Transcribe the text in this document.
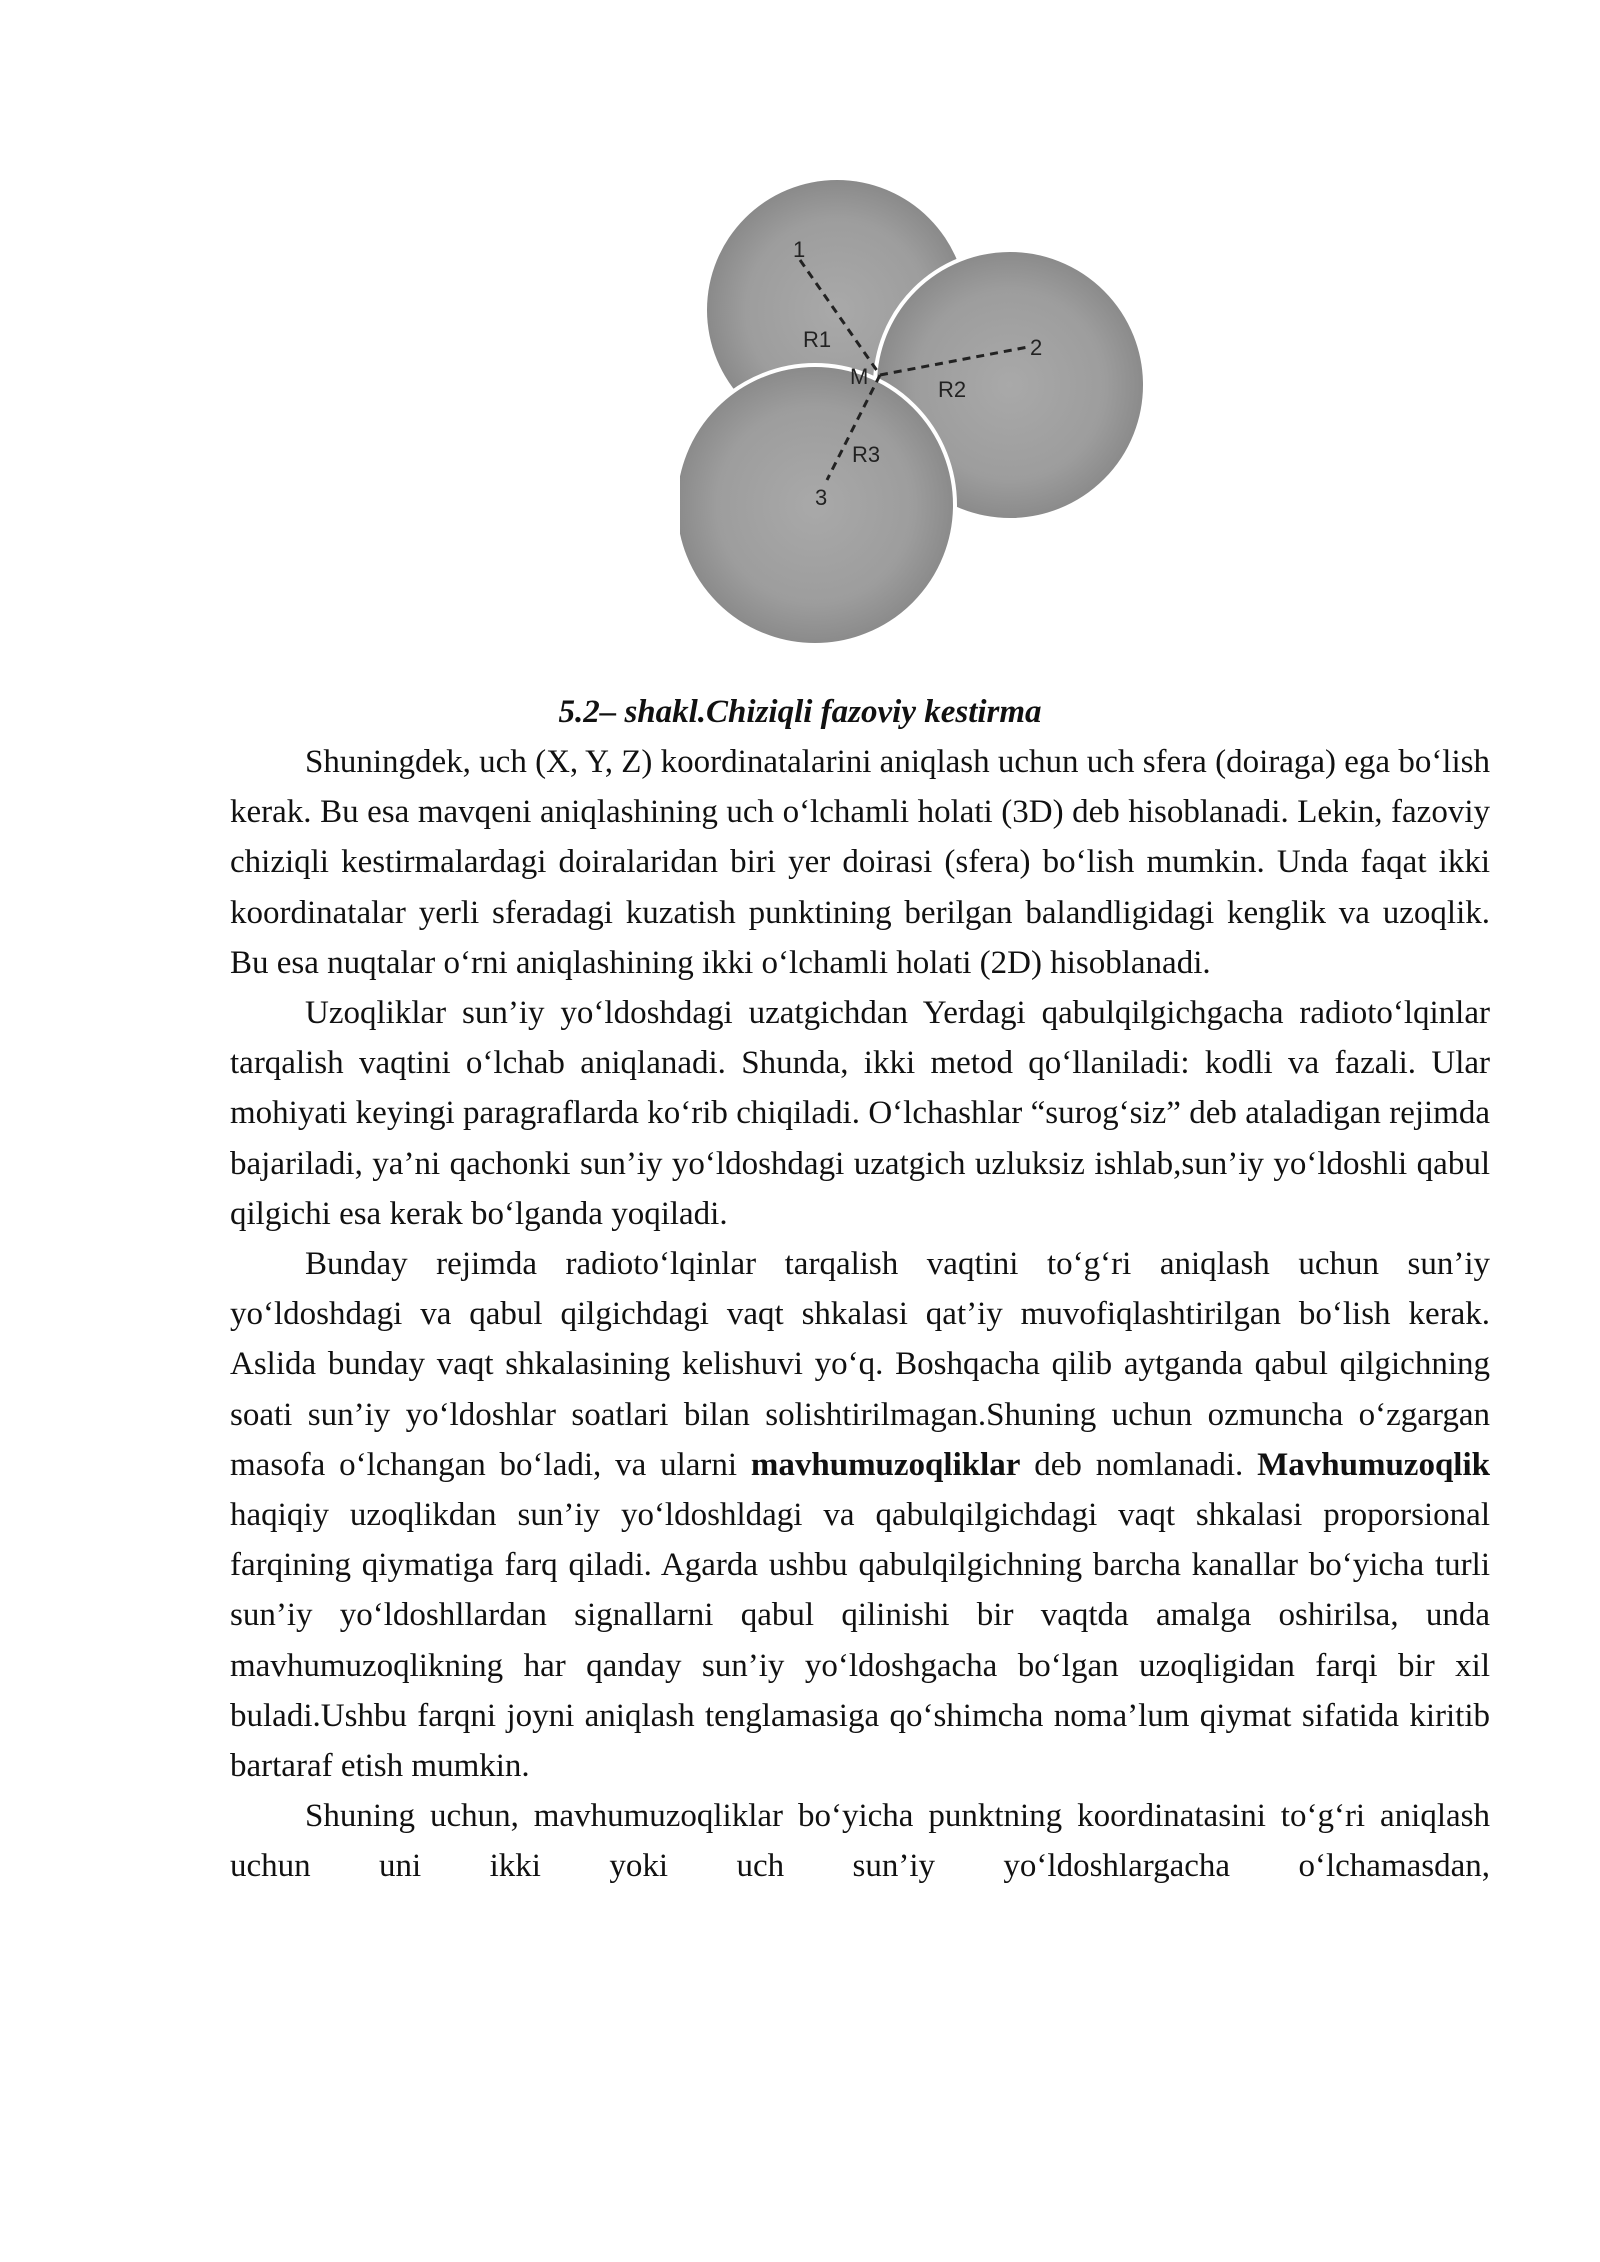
1
2
3
R1
R2
R3
M
5.2– shakl.Chiziqli fazoviy kestirma

Shuningdek, uch (X, Y, Z) koordinatalarini aniqlash uchun uch sfera (doiraga) ega bo‘lish kerak. Bu esa mavqeni aniqlashining uch o‘lchamli holati (3D) deb hisoblanadi. Lekin, fazoviy chiziqli kestirmalardagi doiralaridan biri yer doirasi (sfera) bo‘lish mumkin. Unda faqat ikki koordinatalar yerli sferadagi kuzatish punktining berilgan balandligidagi kenglik va uzoqlik. Bu esa nuqtalar o‘rni aniqlashining ikki o‘lchamli holati (2D) hisoblanadi.

Uzoqliklar sun’iy yo‘ldoshdagi uzatgichdan Yerdagi qabulqilgichgacha radioto‘lqinlar tarqalish vaqtini o‘lchab aniqlanadi. Shunda, ikki metod qo‘llaniladi: kodli va fazali. Ular mohiyati keyingi paragraflarda ko‘rib chiqiladi. O‘lchashlar “surog‘siz” deb ataladigan rejimda bajariladi, ya’ni qachonki sun’iy yo‘ldoshdagi uzatgich uzluksiz ishlab,sun’iy yo‘ldoshli qabul qilgichi esa kerak bo‘lganda yoqiladi.

Bunday rejimda radioto‘lqinlar tarqalish vaqtini to‘g‘ri aniqlash uchun sun’iy yo‘ldoshdagi va qabul qilgichdagi vaqt shkalasi qat’iy muvofiqlashtirilgan bo‘lish kerak. Aslida bunday vaqt shkalasining kelishuvi yo‘q. Boshqacha qilib aytganda qabul qilgichning soati sun’iy yo‘ldoshlar soatlari bilan solishtirilmagan.Shuning uchun ozmuncha o‘zgargan masofa o‘lchangan bo‘ladi, va ularni mavhumuzoqliklar deb nomlanadi. Mavhumuzoqlik haqiqiy uzoqlikdan sun’iy yo‘ldoshldagi va qabulqilgichdagi vaqt shkalasi proporsional farqining qiymatiga farq qiladi. Agarda ushbu qabulqilgichning barcha kanallar bo‘yicha turli sun’iy yo‘ldoshllardan signallarni qabul qilinishi bir vaqtda amalga oshirilsa, unda mavhumuzoqlikning har qanday sun’iy yo‘ldoshgacha bo‘lgan uzoqligidan farqi bir xil buladi.Ushbu farqni joyni aniqlash tenglamasiga qo‘shimcha noma’lum qiymat sifatida kiritib bartaraf etish mumkin.

Shuning uchun, mavhumuzoqliklar bo‘yicha punktning koordinatasini to‘g‘ri aniqlash uchun uni ikki yoki uch sun’iy yo‘ldoshlargacha o‘lchamasdan,
